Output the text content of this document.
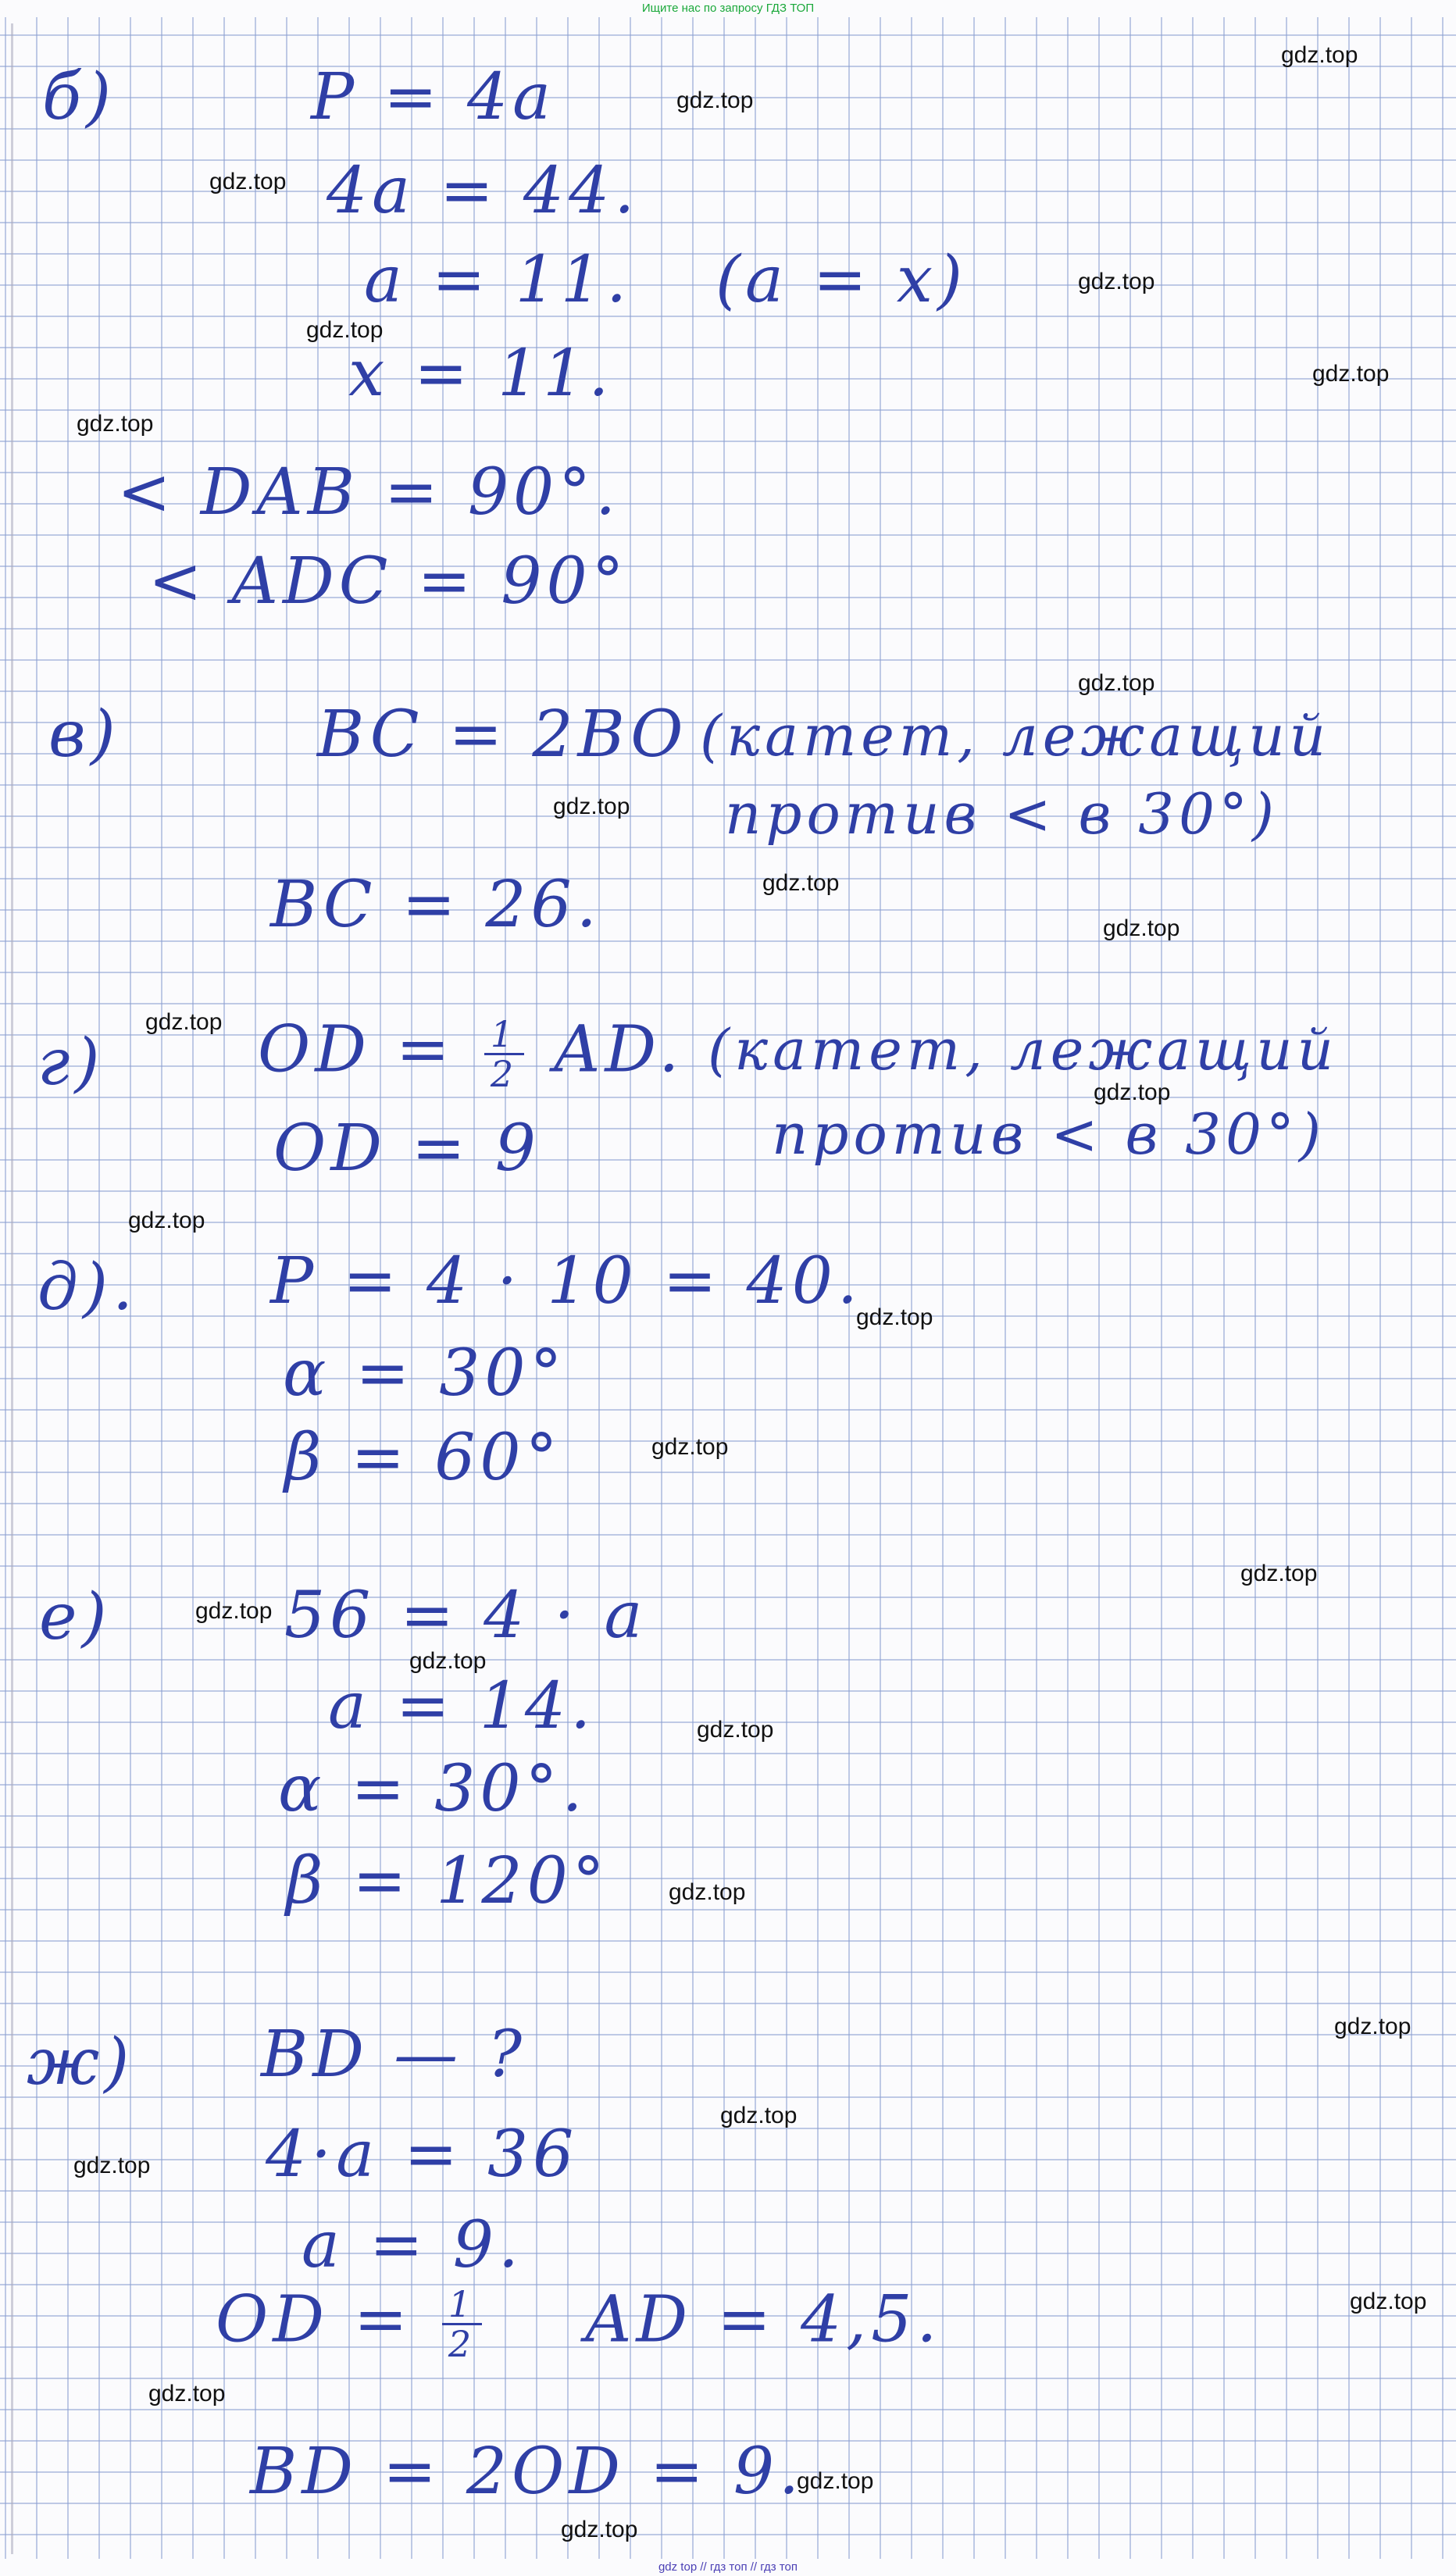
Ищите нас по запросу ГДЗ ТОП
б)	P = 4a
4a = 44.
a = 11. (a = x)
x = 11.
< DAB = 90°.
< ADC = 90°
в)	BC = 2BO (катет, лежащий
против < в 30°)
BC = 26.
г) OD = $\frac{1}{2}$ AD. (катет, лежащий
против < в 30°)
OD = 9
д). P = 4 · 10 = 40.
α = 30°
β = 60°
е)	56 = 4 · a
a = 14.
α = 30°.
β = 120°
ж) BD — ?
4·a = 36
a = 9.
OD = $\frac{1}{2}$ AD = 4,5.
BD = 2OD = 9.
gdz.top
gdz.top
gdz.top
gdz.top
gdz.top
gdz.top
gdz.top
gdz.top
gdz.top
gdz.top
gdz.top
gdz.top
gdz.top
gdz.top
gdz.top
gdz.top
gdz.top
gdz.top
gdz.top
gdz.top
gdz.top
gdz.top
gdz.top
gdz.top
gdz.top
gdz.top
gdz.top
gdz.top
gdz top // гдз топ // гдз топ
